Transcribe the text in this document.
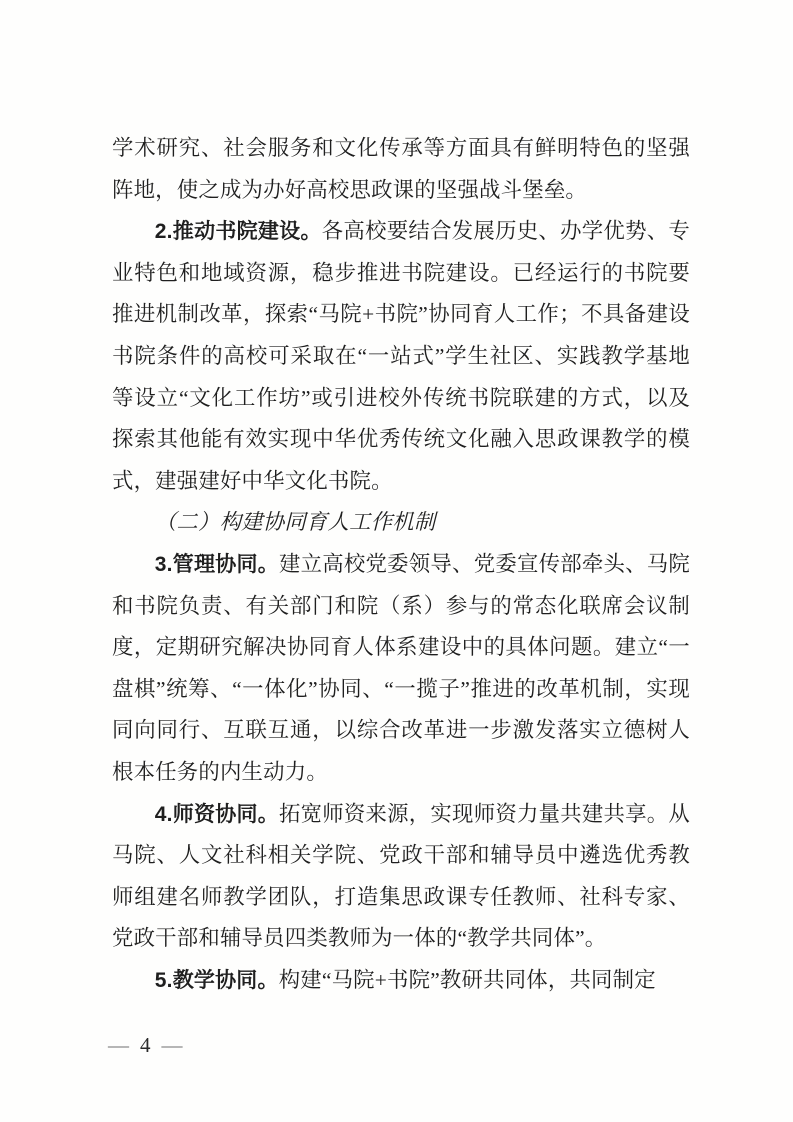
学术研究、社会服务和文化传承等方面具有鲜明特色的坚强阵地，使之成为办好高校思政课的坚强战斗堡垒。

2.推动书院建设。各高校要结合发展历史、办学优势、专业特色和地域资源，稳步推进书院建设。已经运行的书院要推进机制改革，探索“马院+书院”协同育人工作；不具备建设书院条件的高校可采取在“一站式”学生社区、实践教学基地等设立“文化工作坊”或引进校外传统书院联建的方式，以及探索其他能有效实现中华优秀传统文化融入思政课教学的模式，建强建好中华文化书院。

（二）构建协同育人工作机制

3.管理协同。建立高校党委领导、党委宣传部牵头、马院和书院负责、有关部门和院（系）参与的常态化联席会议制度，定期研究解决协同育人体系建设中的具体问题。建立“一盘棋”统筹、“一体化”协同、“一揽子”推进的改革机制，实现同向同行、互联互通，以综合改革进一步激发落实立德树人根本任务的内生动力。

4.师资协同。拓宽师资来源，实现师资力量共建共享。从马院、人文社科相关学院、党政干部和辅导员中遴选优秀教师组建名师教学团队，打造集思政课专任教师、社科专家、党政干部和辅导员四类教师为一体的“教学共同体”。

5.教学协同。构建“马院+书院”教研共同体，共同制定

— 4 —
